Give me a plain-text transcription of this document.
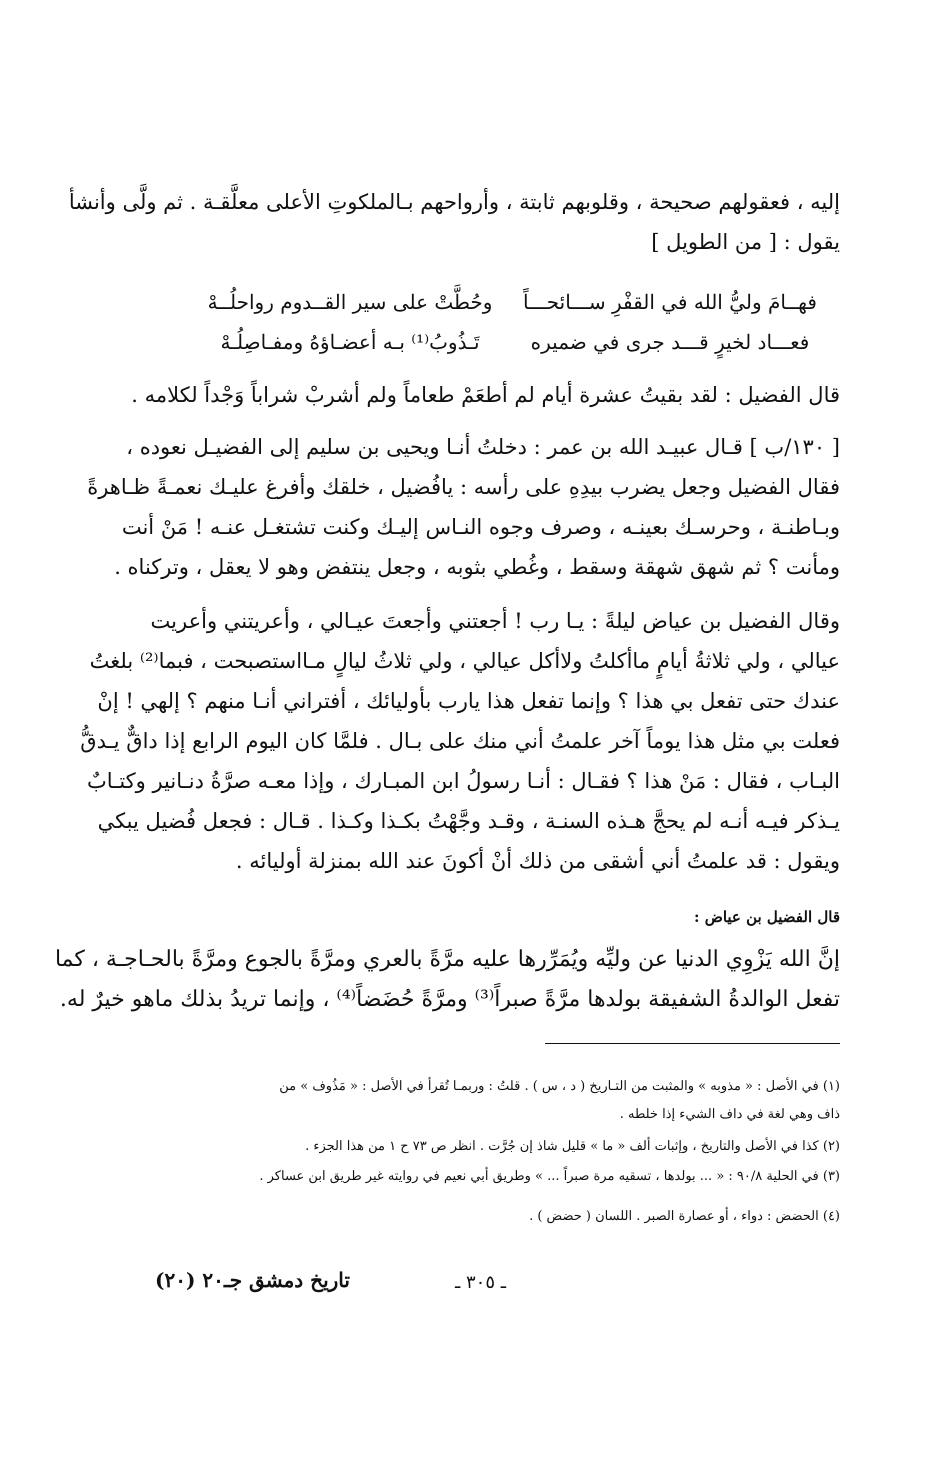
إليه ، فعقولهم صحيحة ، وقلوبهم ثابتة ، وأرواحهم بـالملكوتِ الأعلى معلَّقـة . ثم ولَّى وأنشأ
يقول : [ من الطويل ]
فهــامَ وليُّ الله في القفْرِ ســـائحـــاً
وحُطَّتْ على سير القــدوم رواحلُــهْ
فعـــاد لخيرٍ قـــد جرى في ضميره
تَـذُوبُ⁽¹⁾ بـه أعضـاؤهُ ومفـاصِلُـهْ
قال الفضيل : لقد بقيتُ عشرة أيام لم أطعَمْ طعاماً ولم أشربْ شراباً وَجْداً لكلامه .
[ ١٣٠/ب ] قـال عبيـد الله بن عمر : دخلتُ أنـا ويحيى بن سليم إلى الفضيـل نعوده ،
فقال الفضيل وجعل يضرب بيدِهِ على رأسه : يافُضيل ، خلقك وأفرغ عليـك نعمـةً ظـاهرةً
وبـاطنـة ، وحرسـك بعينـه ، وصرف وجوه النـاس إليـك وكنت تشتغـل عنـه ! مَنْ أنت
ومأنت ؟ ثم شهق شهقة وسقط ، وغُطي بثوبه ، وجعل ينتفض وهو لا يعقل ، وتركناه .
وقال الفضيل بن عياض ليلةً : يـا رب ! أجعتني وأجعتَ عيـالي ، وأعريتني وأعريت
عيالي ، ولي ثلاثةُ أيامٍ ماأكلتُ ولاأكل عيالي ، ولي ثلاثُ ليالٍ مـااستصبحت ، فبما⁽²⁾ بلغتُ
عندك حتى تفعل بي هذا ؟ وإنما تفعل هذا يارب بأوليائك ، أفتراني أنـا منهم ؟ إلهي ! إنْ
فعلت بي مثل هذا يوماً آخر علمتُ أني منك على بـال . فلمَّا كان اليوم الرابع إذا داقٌّ يـدقُّ
البـاب ، فقال : مَنْ هذا ؟ فقـال : أنـا رسولُ ابن المبـارك ، وإذا معـه صرَّةُ دنـانير وكتـابٌ
يـذكر فيـه أنـه لم يحجَّ هـذه السنـة ، وقـد وجَّهْتُ بكـذا وكـذا . قـال : فجعل فُضيل يبكي
ويقول : قد علمتُ أني أشقى من ذلك أنْ أكونَ عند الله بمنزلة أوليائه .
قال الفضيل بن عياض :
إنَّ الله يَزْوِي الدنيا عن وليِّه ويُمَرِّرها عليه مرَّةً بالعري ومرَّةً بالجوع ومرَّةً بالحـاجـة ، كما
تفعل الوالدةُ الشفيقة بولدها مرَّةً صبراً⁽³⁾ ومرَّةً حُضَضاً⁽⁴⁾ ، وإنما تريدُ بذلك ماهو خيرٌ له.
(١) في الأصل : « مذوبه » والمثبت من التـاريخ ( د ، س ) . قلتُ : وربمـا تُقرأ في الأصل : « مَذُوف » من
ذاف وهي لغة في داف الشيء إذا خلطه .
(٢) كذا في الأصل والتاريخ ، وإثبات ألف « ما » قليل شاذ إن جُرَّت . انظر ص ٧٣ ح ١ من هذا الجزء .
(٣) في الحلية ٩٠/٨ : « ... بولدها ، تسقيه مرة صبراً ... » وطريق أبي نعيم في روايته غير طريق ابن عساكر .
(٤) الحضض : دواء ، أو عصارة الصبر . اللسان ( حضض ) .
تاريخ دمشق جـ٢٠ (٢٠)	ـ ٣٠٥ ـ
